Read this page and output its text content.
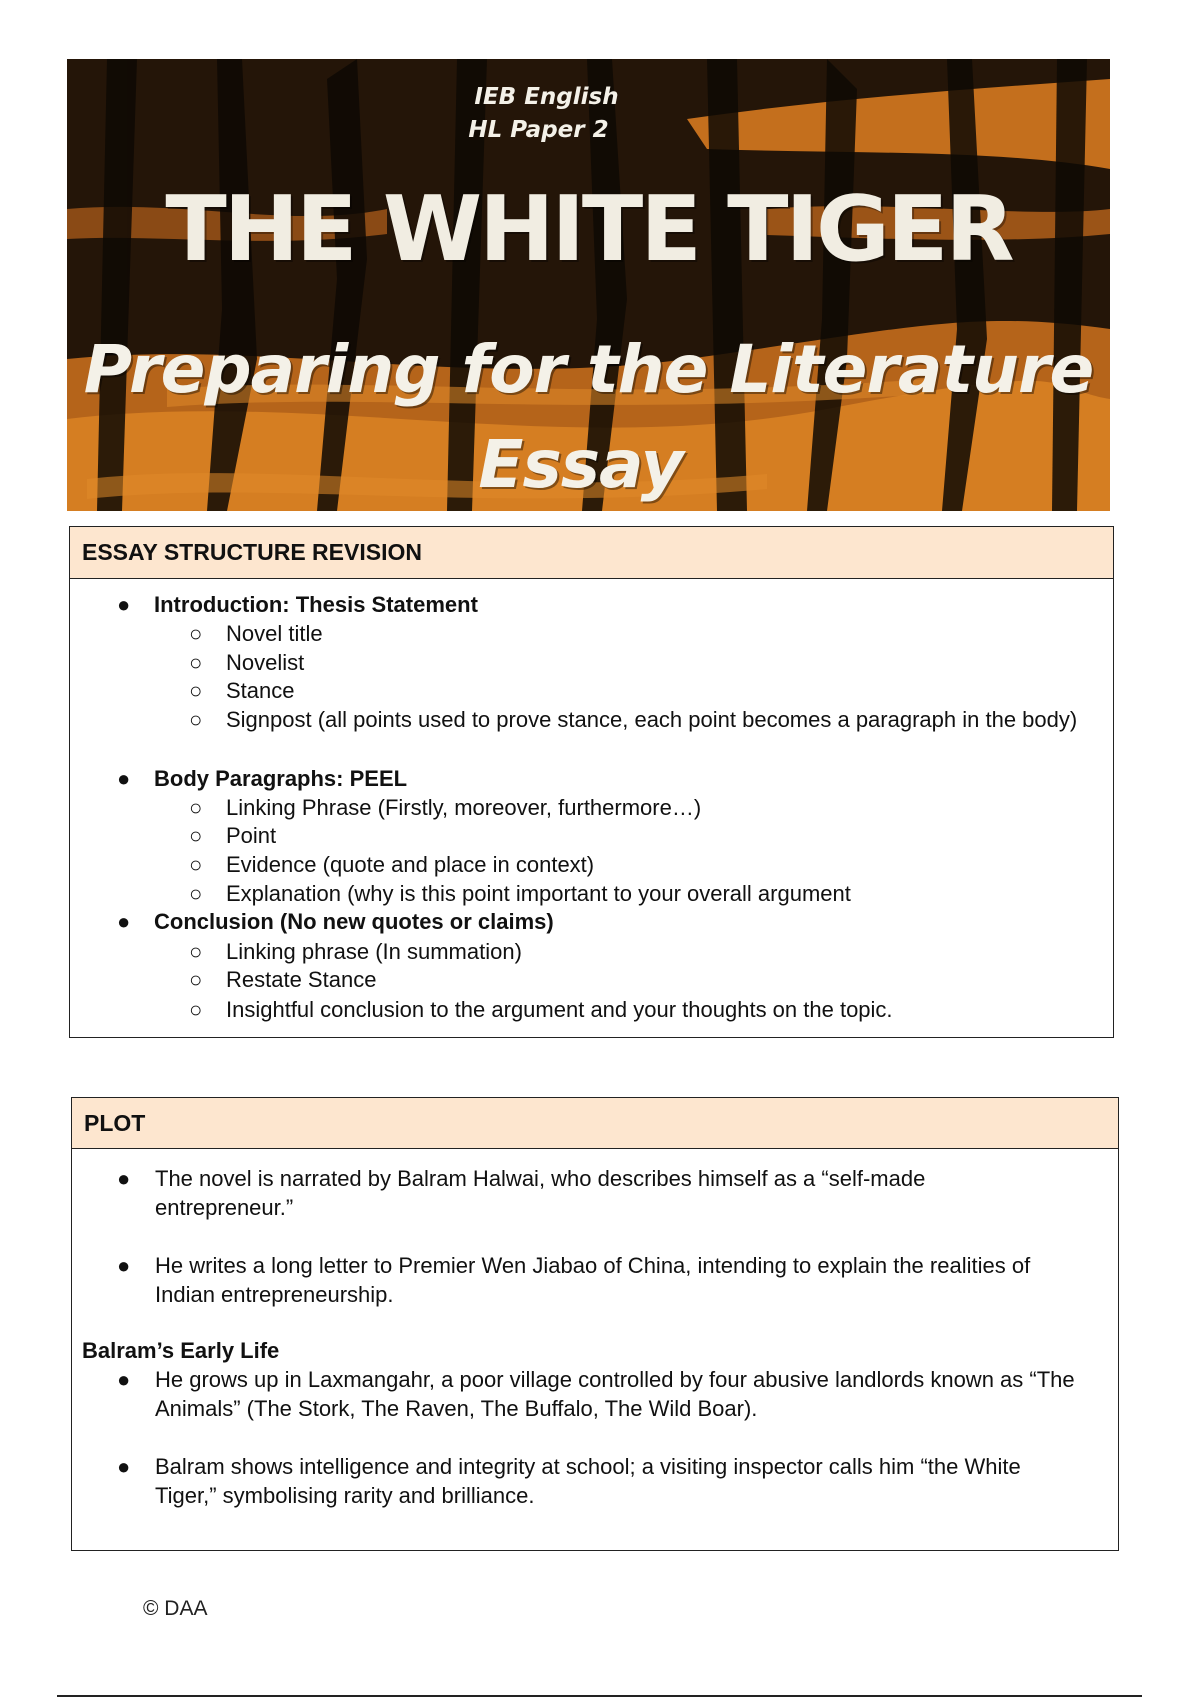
IEB English
HL Paper 2
THE WHITE TIGER
Preparing for the Literature
Essay
ESSAY STRUCTURE REVISION
● Introduction: Thesis Statement
○ Novel title
○ Novelist
○ Stance
○ Signpost (all points used to prove stance, each point becomes a paragraph in the body)
● Body Paragraphs: PEEL
○ Linking Phrase (Firstly, moreover, furthermore…)
○ Point
○ Evidence (quote and place in context)
○ Explanation (why is this point important to your overall argument
● Conclusion (No new quotes or claims)
○ Linking phrase (In summation)
○ Restate Stance
○ Insightful conclusion to the argument and your thoughts on the topic.
PLOT
● The novel is narrated by Balram Halwai, who describes himself as a “self-made entrepreneur.”
● He writes a long letter to Premier Wen Jiabao of China, intending to explain the realities of Indian entrepreneurship.
Balram’s Early Life
● He grows up in Laxmangahr, a poor village controlled by four abusive landlords known as “The Animals” (The Stork, The Raven, The Buffalo, The Wild Boar).
● Balram shows intelligence and integrity at school; a visiting inspector calls him “the White Tiger,” symbolising rarity and brilliance.
© DAA
